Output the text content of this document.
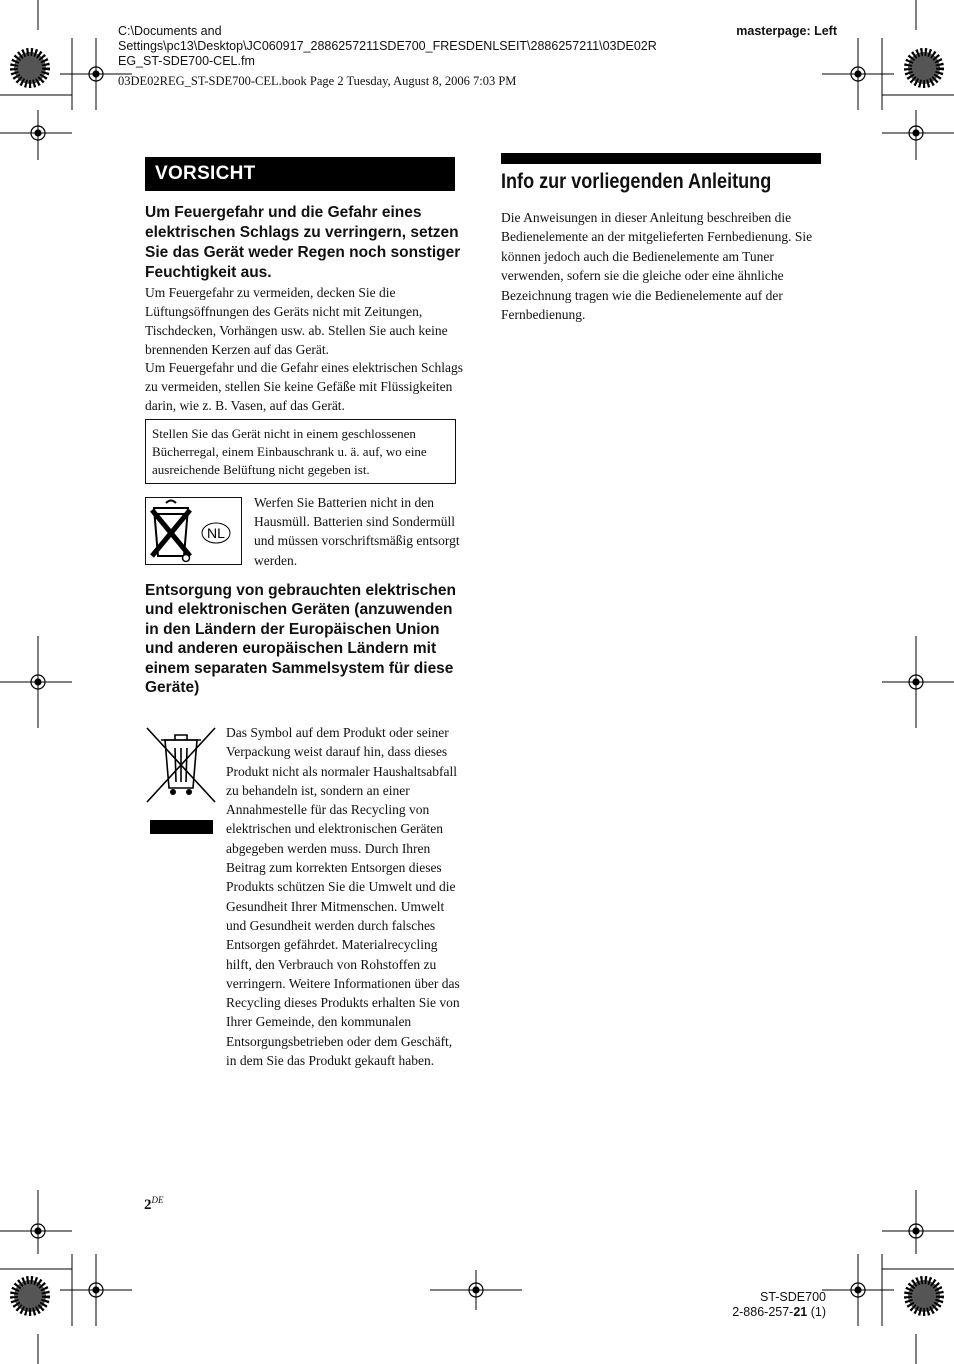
C:\Documents and
Settings\pc13\Desktop\JC060917_2886257211SDE700_FRESDENLSEIT\2886257211\03DE02R
EG_ST-SDE700-CEL.fm
masterpage: Left
03DE02REG_ST-SDE700-CEL.book Page 2 Tuesday, August 8, 2006 7:03 PM
VORSICHT
Um Feuergefahr und die Gefahr eines elektrischen Schlags zu verringern, setzen Sie das Gerät weder Regen noch sonstiger Feuchtigkeit aus.
Um Feuergefahr zu vermeiden, decken Sie die Lüftungsöffnungen des Geräts nicht mit Zeitungen, Tischdecken, Vorhängen usw. ab. Stellen Sie auch keine brennenden Kerzen auf das Gerät.
Um Feuergefahr und die Gefahr eines elektrischen Schlags zu vermeiden, stellen Sie keine Gefäße mit Flüssigkeiten darin, wie z. B. Vasen, auf das Gerät.
Stellen Sie das Gerät nicht in einem geschlossenen Bücherregal, einem Einbauschrank u. ä. auf, wo eine ausreichende Belüftung nicht gegeben ist.
NL
Werfen Sie Batterien nicht in den Hausmüll. Batterien sind Sondermüll und müssen vorschriftsmäßig entsorgt werden.
Entsorgung von gebrauchten elektrischen und elektronischen Geräten (anzuwenden in den Ländern der Europäischen Union und anderen europäischen Ländern mit einem separaten Sammelsystem für diese Geräte)
Das Symbol auf dem Produkt oder seiner Verpackung weist darauf hin, dass dieses Produkt nicht als normaler Haushaltsabfall zu behandeln ist, sondern an einer Annahmestelle für das Recycling von elektrischen und elektronischen Geräten abgegeben werden muss. Durch Ihren Beitrag zum korrekten Entsorgen dieses Produkts schützen Sie die Umwelt und die Gesundheit Ihrer Mitmenschen. Umwelt und Gesundheit werden durch falsches Entsorgen gefährdet. Materialrecycling hilft, den Verbrauch von Rohstoffen zu verringern. Weitere Informationen über das Recycling dieses Produkts erhalten Sie von Ihrer Gemeinde, den kommunalen Entsorgungsbetrieben oder dem Geschäft, in dem Sie das Produkt gekauft haben.
Info zur vorliegenden Anleitung
Die Anweisungen in dieser Anleitung beschreiben die Bedienelemente an der mitgelieferten Fernbedienung. Sie können jedoch auch die Bedienelemente am Tuner verwenden, sofern sie die gleiche oder eine ähnliche Bezeichnung tragen wie die Bedienelemente auf der Fernbedienung.
2DE
ST-SDE700
2-886-257-21 (1)
